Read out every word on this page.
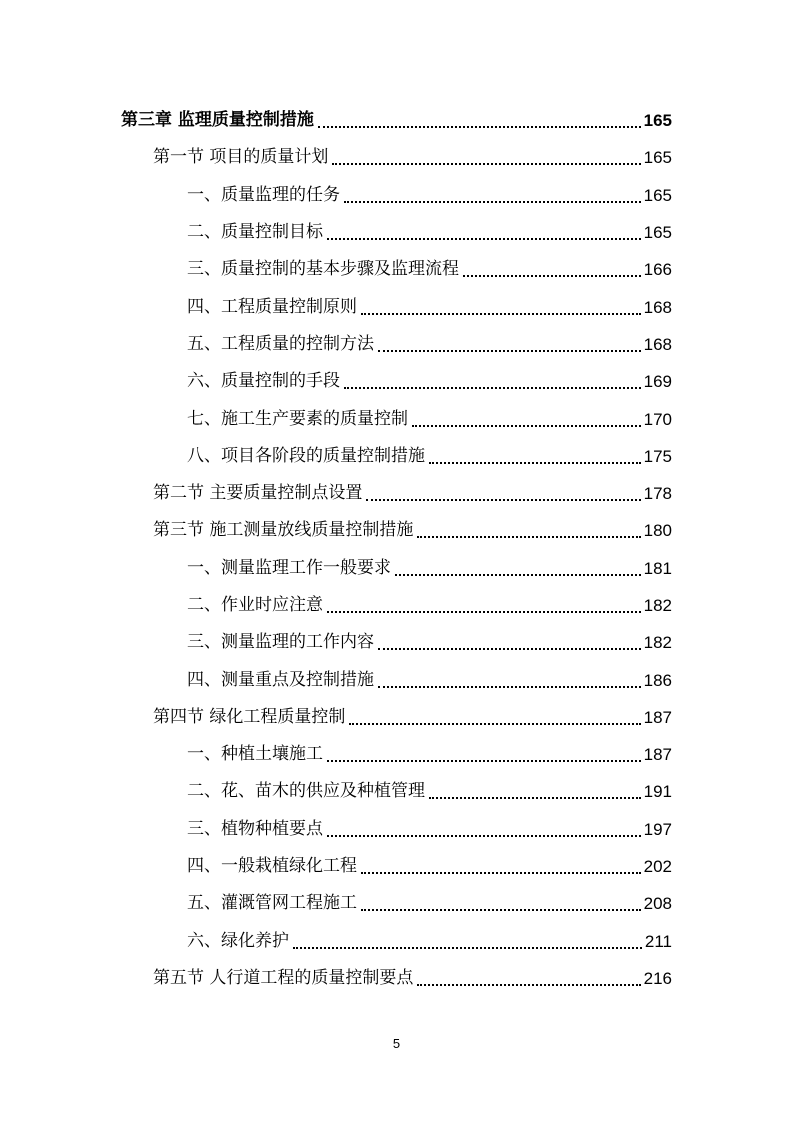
第三章 监理质量控制措施	165
第一节 项目的质量计划	165
一、质量监理的任务	165
二、质量控制目标	165
三、质量控制的基本步骤及监理流程	166
四、工程质量控制原则	168
五、工程质量的控制方法	168
六、质量控制的手段	169
七、施工生产要素的质量控制	170
八、项目各阶段的质量控制措施	175
第二节 主要质量控制点设置	178
第三节 施工测量放线质量控制措施	180
一、测量监理工作一般要求	181
二、作业时应注意	182
三、测量监理的工作内容	182
四、测量重点及控制措施	186
第四节 绿化工程质量控制	187
一、种植土壤施工	187
二、花、苗木的供应及种植管理	191
三、植物种植要点	197
四、一般栽植绿化工程	202
五、灌溉管网工程施工	208
六、绿化养护	211
第五节 人行道工程的质量控制要点	216
5
